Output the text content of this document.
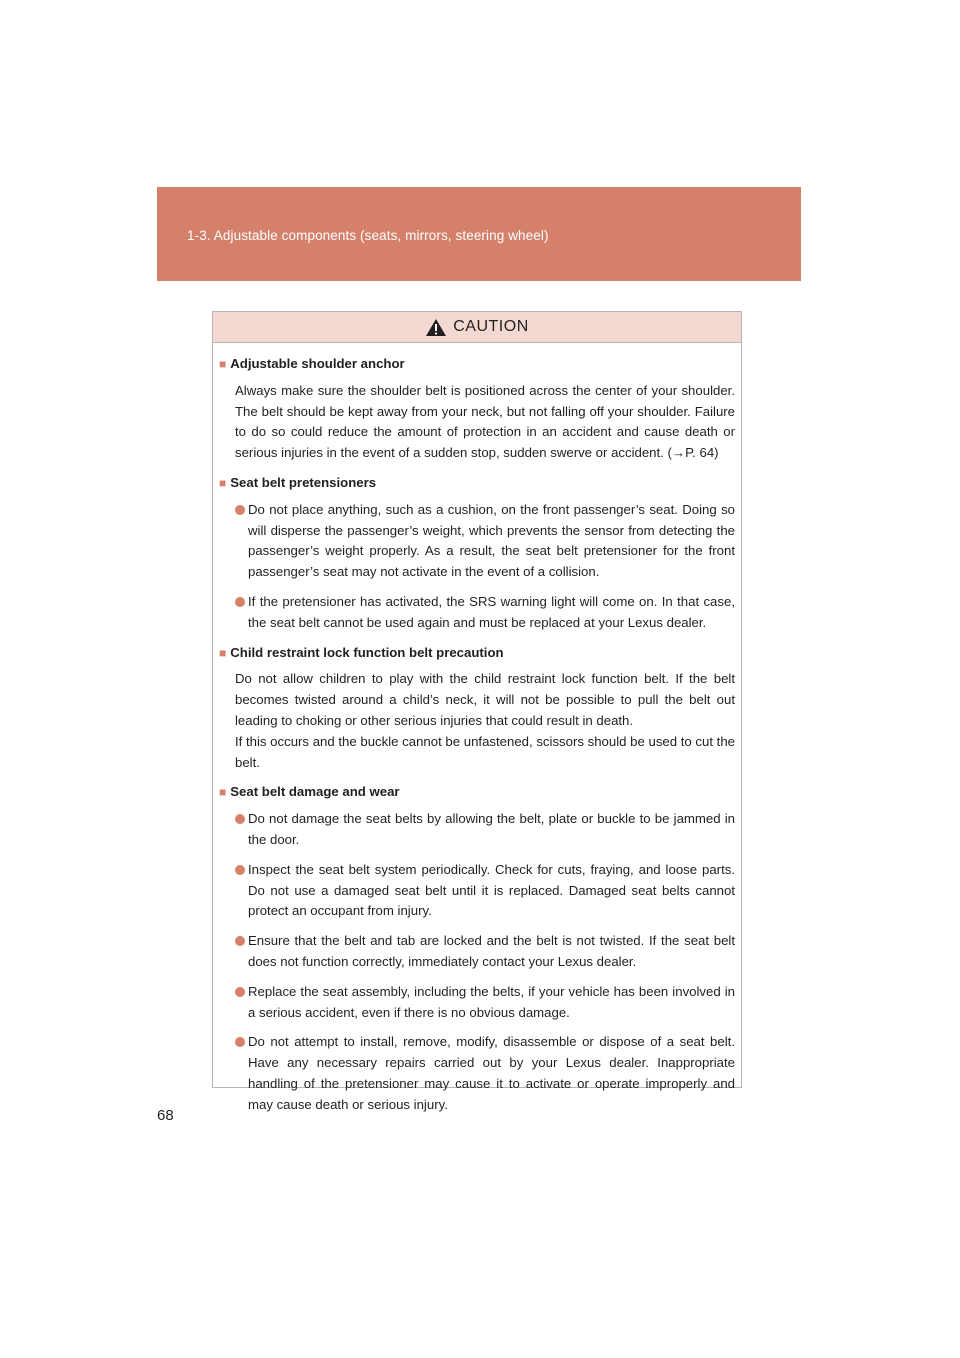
1-3. Adjustable components (seats, mirrors, steering wheel)
CAUTION
■ Adjustable shoulder anchor

Always make sure the shoulder belt is positioned across the center of your shoulder. The belt should be kept away from your neck, but not falling off your shoulder. Failure to do so could reduce the amount of protection in an accident and cause death or serious injuries in the event of a sudden stop, sudden swerve or accident. (→P. 64)

■ Seat belt pretensioners
Do not place anything, such as a cushion, on the front passenger’s seat. Doing so will disperse the passenger’s weight, which prevents the sensor from detecting the passenger’s weight properly. As a result, the seat belt pretensioner for the front passenger’s seat may not activate in the event of a collision.
If the pretensioner has activated, the SRS warning light will come on. In that case, the seat belt cannot be used again and must be replaced at your Lexus dealer.
■ Child restraint lock function belt precaution

Do not allow children to play with the child restraint lock function belt. If the belt becomes twisted around a child’s neck, it will not be possible to pull the belt out leading to choking or other serious injuries that could result in death.

If this occurs and the buckle cannot be unfastened, scissors should be used to cut the belt.

■ Seat belt damage and wear
Do not damage the seat belts by allowing the belt, plate or buckle to be jammed in the door.
Inspect the seat belt system periodically. Check for cuts, fraying, and loose parts. Do not use a damaged seat belt until it is replaced. Damaged seat belts cannot protect an occupant from injury.
Ensure that the belt and tab are locked and the belt is not twisted. If the seat belt does not function correctly, immediately contact your Lexus dealer.
Replace the seat assembly, including the belts, if your vehicle has been involved in a serious accident, even if there is no obvious damage.
Do not attempt to install, remove, modify, disassemble or dispose of a seat belt. Have any necessary repairs carried out by your Lexus dealer. Inappropriate handling of the pretensioner may cause it to activate or operate improperly and may cause death or serious injury.
68
